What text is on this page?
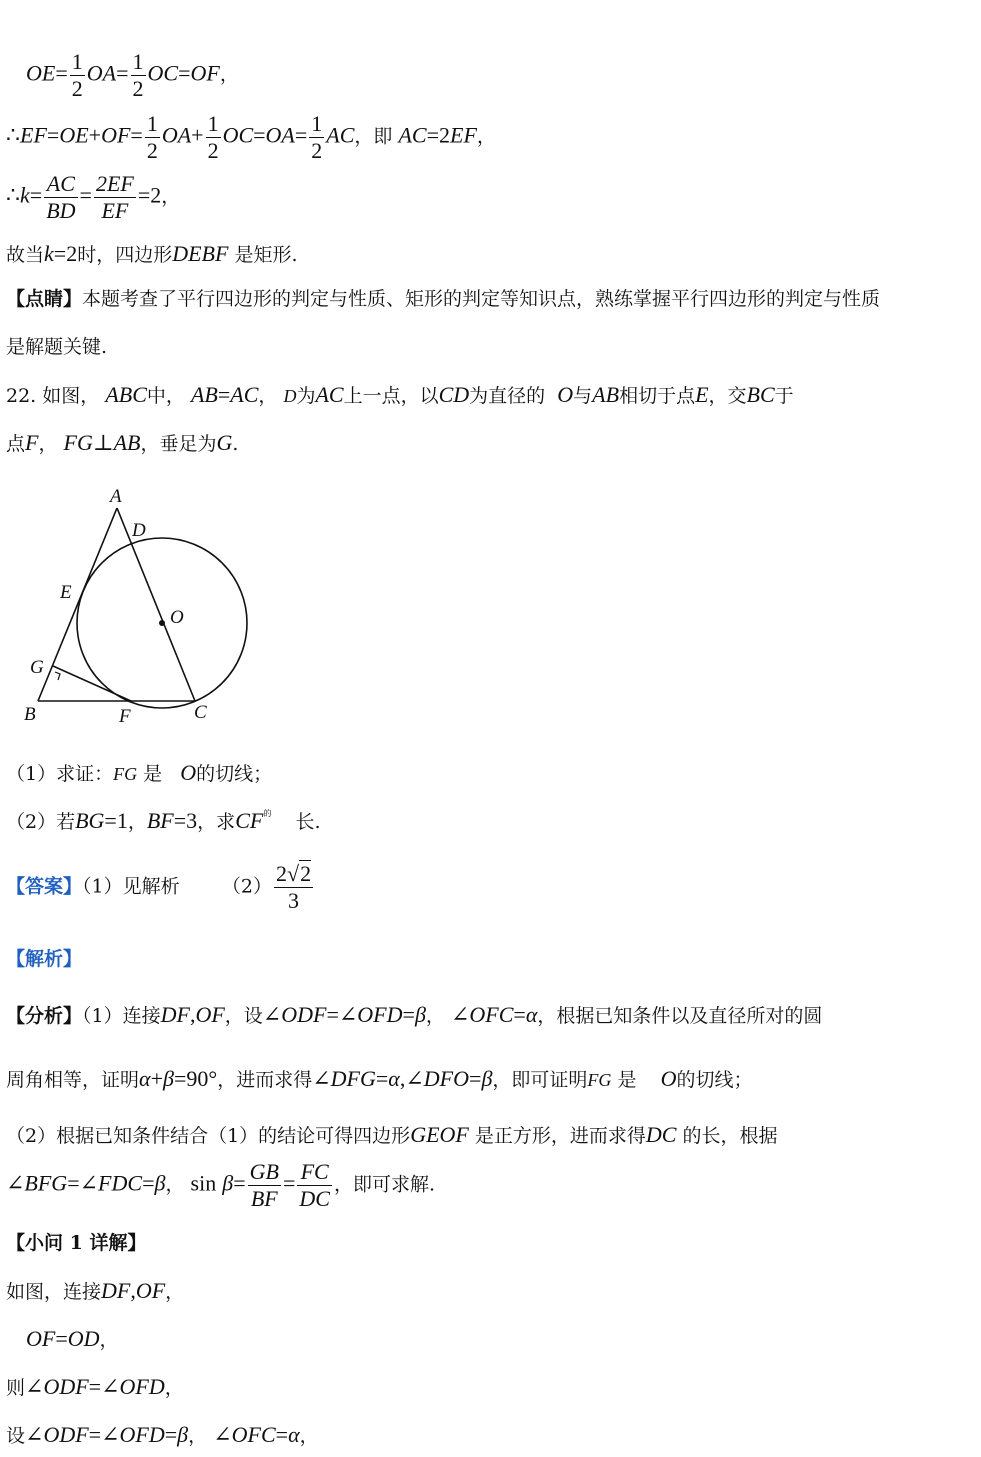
$OE= \frac{1}{2} OA= \frac{1}{2} OC=OF$，
∴EF=OE+OF= $\frac{1}{2} OA+ \frac{1}{2} OC=OA= \frac{1}{2}$ AC，即 AC=2EF，
∴k= $\frac{AC}{BD} = \frac{2EF}{EF} =2$，
故当k=2时，四边形DEBF 是矩形.
【点睛】本题考查了平行四边形的判定与性质、矩形的判定等知识点，熟练掌握平行四边形的判定与性质
是解题关键.
22. 如图， ABC中， AB=AC， D为AC上一点，以CD为直径的 O与AB相切于点E，交BC于
点F， FG⊥AB，垂足为G.
A
D
E
O
G
B	F	C
（1）求证：FG 是 O的切线；
（2）若BG=1，BF=3，求$CF^的$ 长.
【答案】（1）见解析 $(2) \frac{2√2}{3}$
【解析】
【分析】（1）连接DF,OF，设∠ODF=∠OFD=β， ∠OFC=α，根据已知条件以及直径所对的圆
周角相等，证明α+β=90°，进而求得∠DFG=α,∠DFO=β，即可证明FG 是 O的切线；
（2）根据已知条件结合（1）的结论可得四边形GEOF 是正方形，进而求得DC 的长，根据
∠BFG=∠FDC=β， $\sin \beta= \frac{GB}{BF} = \frac{FC}{DC}$ ，即可求解.
【小问 1 详解】
如图，连接DF,OF，
OF=OD，
则∠ODF=∠OFD，
设∠ODF=∠OFD=β， ∠OFC=α，
